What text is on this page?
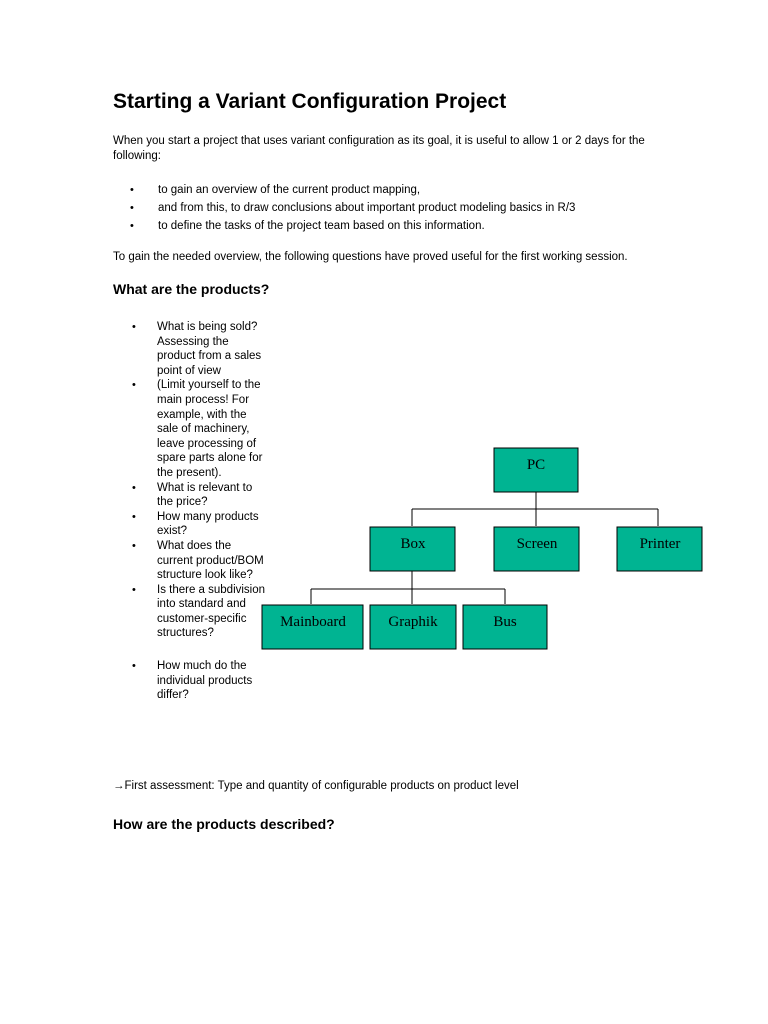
Starting a Variant Configuration Project

When you start a project that uses variant configuration as its goal, it is useful to allow 1 or 2 days for the following:

• to gain an overview of the current product mapping,
• and from this, to draw conclusions about important product modeling basics in R/3
• to define the tasks of the project team based on this information.

To gain the needed overview, the following questions have proved useful for the first working session.

What are the products?
• What is being sold? Assessing the product from a sales point of view
• (Limit yourself to the main process! For example, with the sale of machinery, leave processing of spare parts alone for the present).
• What is relevant to the price?
• How many products exist?
• What does the current product/BOM structure look like?
• Is there a subdivision into standard and customer-specific structures?
• How much do the individual products differ?

→First assessment: Type and quantity of configurable products on product level

How are the products described?
PC
Box	Screen	Printer
Mainboard	Graphik	Bus
